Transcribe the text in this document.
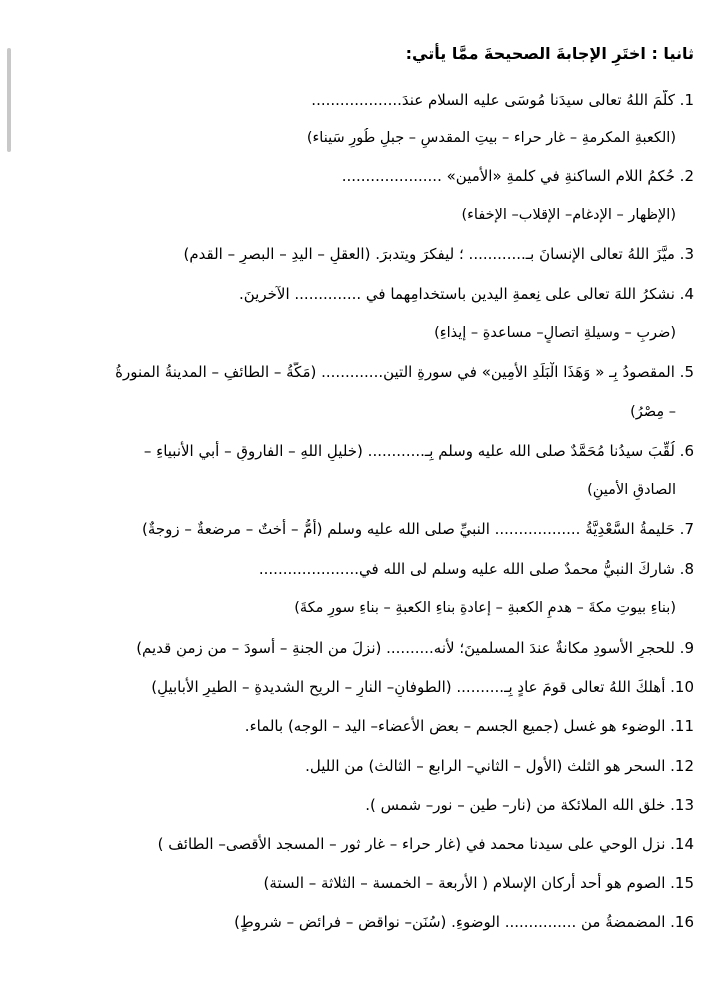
ثانيا : اختَرِ الإجابةَ الصحيحةَ ممَّا يأتي:
1. كلَّمَ اللهُ تعالى سيدَنا مُوسَى عليه السلام عندَ...................
(الكعبةِ المكرمةِ – غار حراء – بيتِ المقدسِ – جبلِ طُورِ سَيناء)
2. حُكمُ اللامِ الساكنةِ في كلمةِ «الأمين» .....................
(الإظهار – الإدغام– الإقلاب– الإخفاء)
3. ميَّزَ اللهُ تعالى الإنسانَ بـ............ ؛ ليفكرَ ويتدبرَ. (العقلِ – اليدِ – البصرِ – القدمِ)
4. نشكرُ اللهَ تعالى على نِعمةِ اليدينِ باستخدامِهما في .............. الآخرينَ.
(ضربِ – وسيلةِ اتصالٍ– مساعدةِ – إيذاءِ)
5. المقصودُ بِـ « وَهَذَا الْبَلَدِ الأَمِينِ» في سورةِ التينِ............. (مَكَّةُ – الطائفِ – المدينةُ المنورةُ
– مِصْرُ)
6. لُقِّبَ سيدُنا مُحَمَّدٌ صلى الله عليه وسلم بِـ............ (خليلِ اللهِ – الفاروقِ – أبي الأنبياءِ –
الصادقِ الأمينِ)
7. حَليمةُ السَّعْدِيَّةُ .................. النبيِّ صلى الله عليه وسلم (أمُّ – أختٌ – مرضعةٌ – زوجةٌ)
8. شاركَ النبيُّ محمدٌ صلى الله عليه وسلم لى الله في.....................
(بناءِ بيوتِ مكةَ – هدمِ الكعبةِ – إعادةِ بناءِ الكعبةِ – بناءِ سورِ مكةَ)
9. للحجرِ الأسودِ مكانةٌ عندَ المسلمينَ؛ لأنه.......... (نزلَ من الجنةِ – أسودَ – من زمنٍ قديمٍ)
10. أهلكَ اللهُ تعالى قومَ عادٍ بِـ.......... (الطوفانِ– النارِ – الريحِ الشديدةِ – الطيرِ الأبابيلِ)
11. الوضوء هو غسل (جميع الجسم – بعض الأعضاء– اليد – الوجه) بالماء.
12. السحر هو الثلث (الأول – الثاني– الرابع – الثالث) من الليل.
13. خلق الله الملائكة من (نار– طين – نور– شمس ).
14. نزل الوحي على سيدنا محمد في (غار حراء – غار ثور – المسجد الأقصى– الطائف )
15. الصوم هو أحد أركان الإسلام ( الأربعة – الخمسة – الثلاثة – الستة)
16. المضمضةُ من ............... الوضوءِ. (سُنَن– نواقض – فرائض – شروطٍ)
